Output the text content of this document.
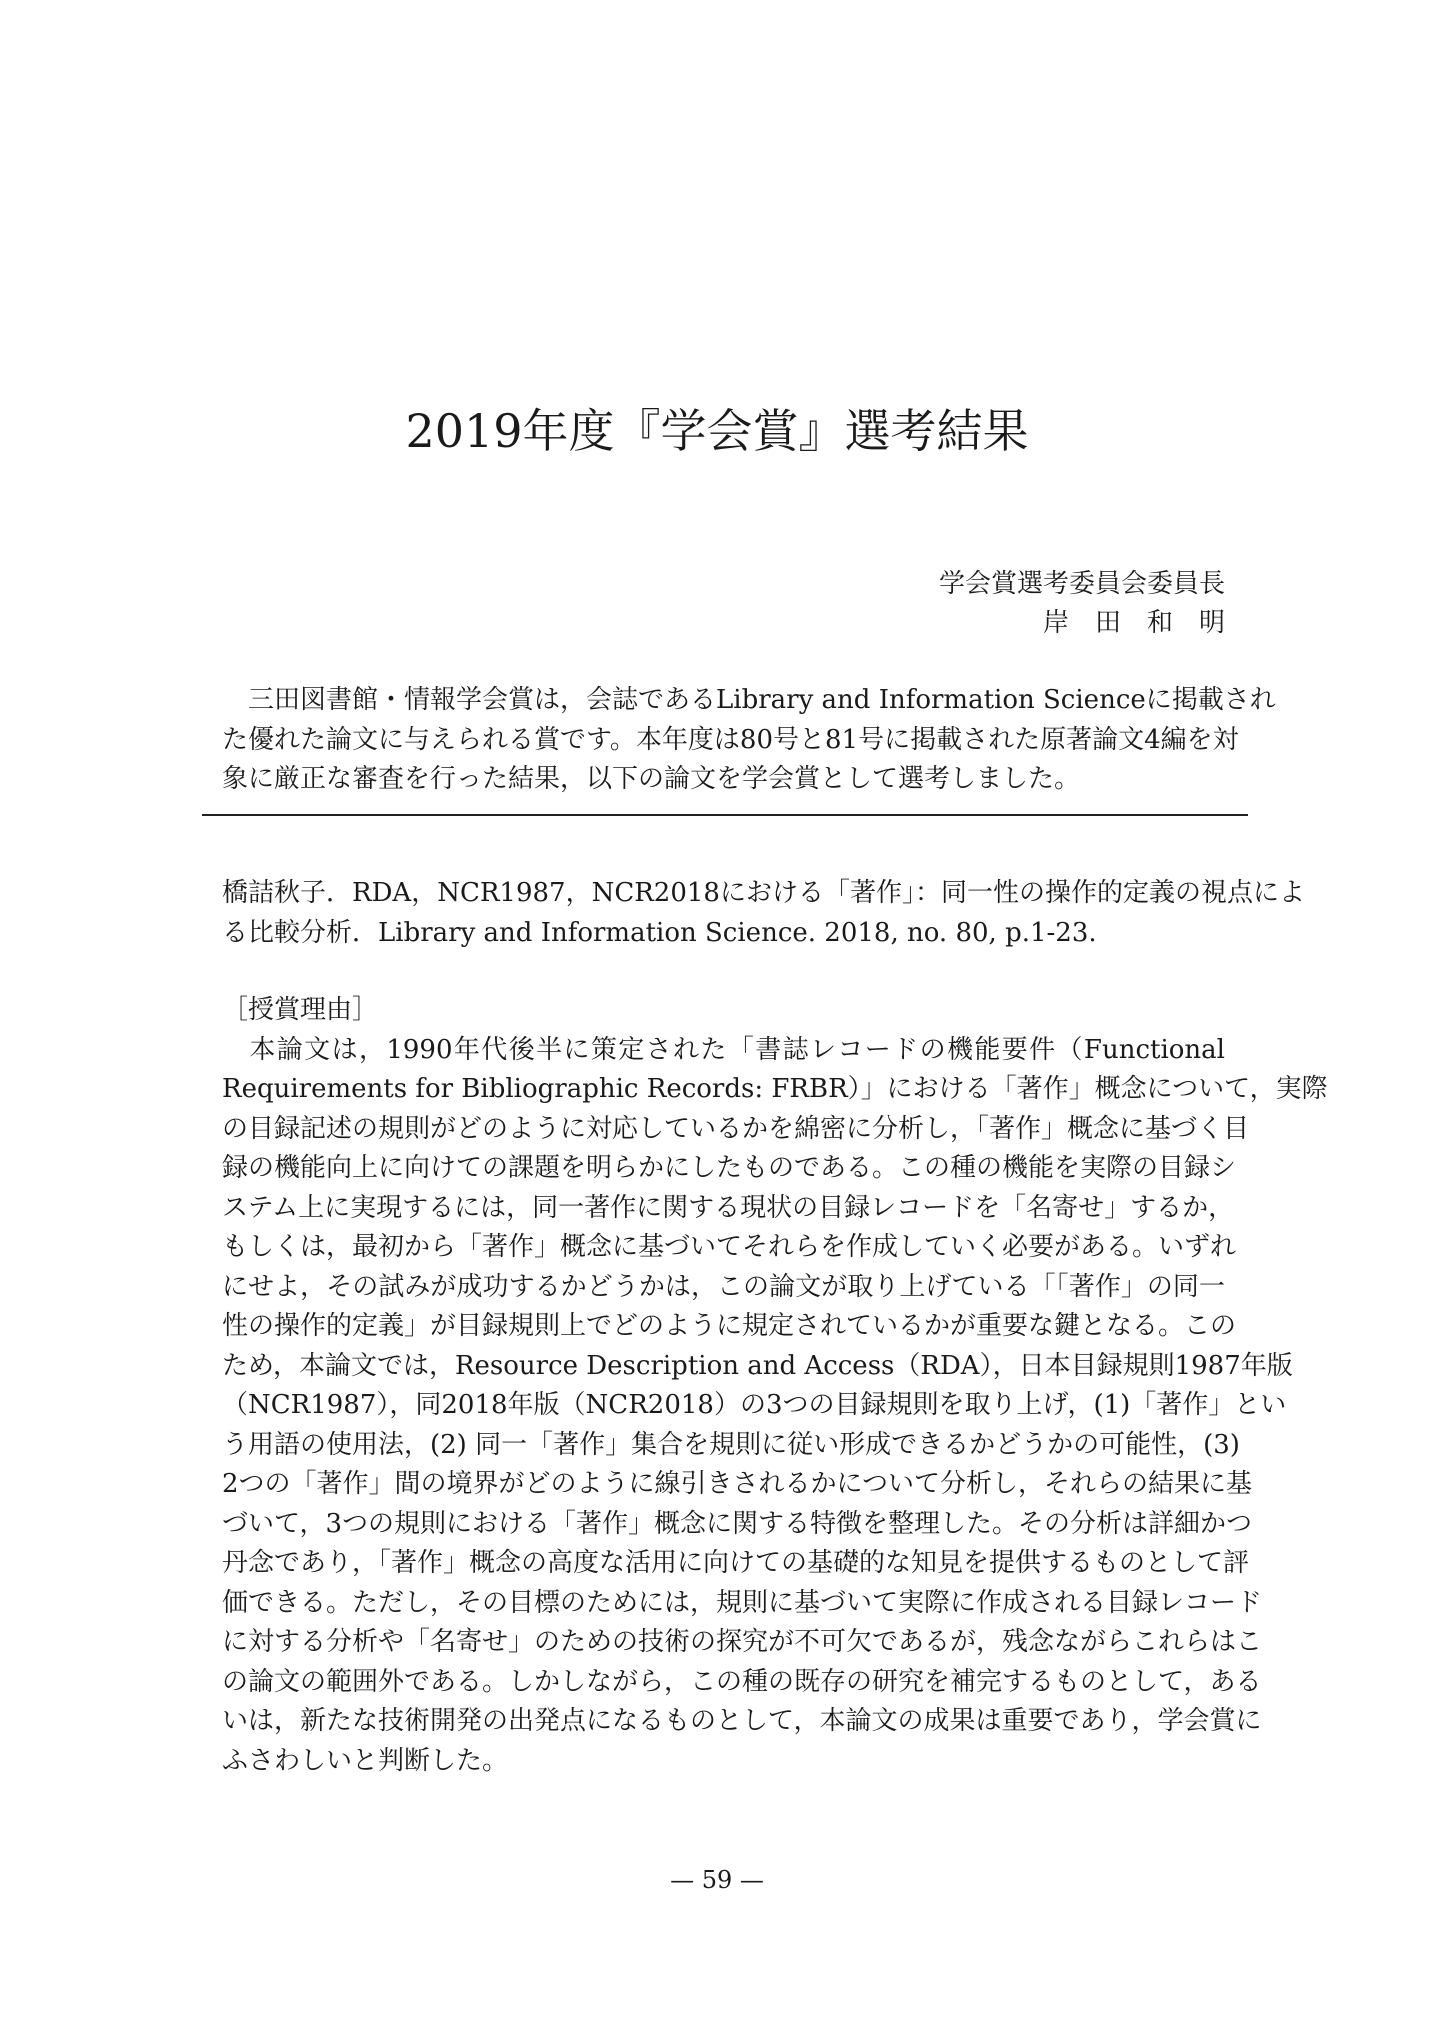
2019年度『学会賞』選考結果
学会賞選考委員会委員長
岸田和明
　三田図書館・情報学会賞は，会誌であるLibrary and Information Scienceに掲載され
た優れた論文に与えられる賞です。本年度は80号と81号に掲載された原著論文4編を対
象に厳正な審査を行った結果，以下の論文を学会賞として選考しました。
橋詰秋子．RDA，NCR1987，NCR2018における「著作」：同一性の操作的定義の視点によ
る比較分析．Library and Information Science. 2018, no. 80, p.1-23.
［授賞理由］
　本論文は，1990年代後半に策定された「書誌レコードの機能要件（Functional
Requirements for Bibliographic Records: FRBR）」における「著作」概念について，実際
の目録記述の規則がどのように対応しているかを綿密に分析し，「著作」概念に基づく目
録の機能向上に向けての課題を明らかにしたものである。この種の機能を実際の目録シ
ステム上に実現するには，同一著作に関する現状の目録レコードを「名寄せ」するか，
もしくは，最初から「著作」概念に基づいてそれらを作成していく必要がある。いずれ
にせよ，その試みが成功するかどうかは，この論文が取り上げている「「著作」の同一
性の操作的定義」が目録規則上でどのように規定されているかが重要な鍵となる。この
ため，本論文では，Resource Description and Access（RDA），日本目録規則1987年版
（NCR1987），同2018年版（NCR2018）の3つの目録規則を取り上げ，(1)「著作」とい
う用語の使用法，(2) 同一「著作」集合を規則に従い形成できるかどうかの可能性，(3)
2つの「著作」間の境界がどのように線引きされるかについて分析し，それらの結果に基
づいて，3つの規則における「著作」概念に関する特徴を整理した。その分析は詳細かつ
丹念であり，「著作」概念の高度な活用に向けての基礎的な知見を提供するものとして評
価できる。ただし，その目標のためには，規則に基づいて実際に作成される目録レコード
に対する分析や「名寄せ」のための技術の探究が不可欠であるが，残念ながらこれらはこ
の論文の範囲外である。しかしながら，この種の既存の研究を補完するものとして，ある
いは，新たな技術開発の出発点になるものとして，本論文の成果は重要であり，学会賞に
ふさわしいと判断した。
— 59 —
